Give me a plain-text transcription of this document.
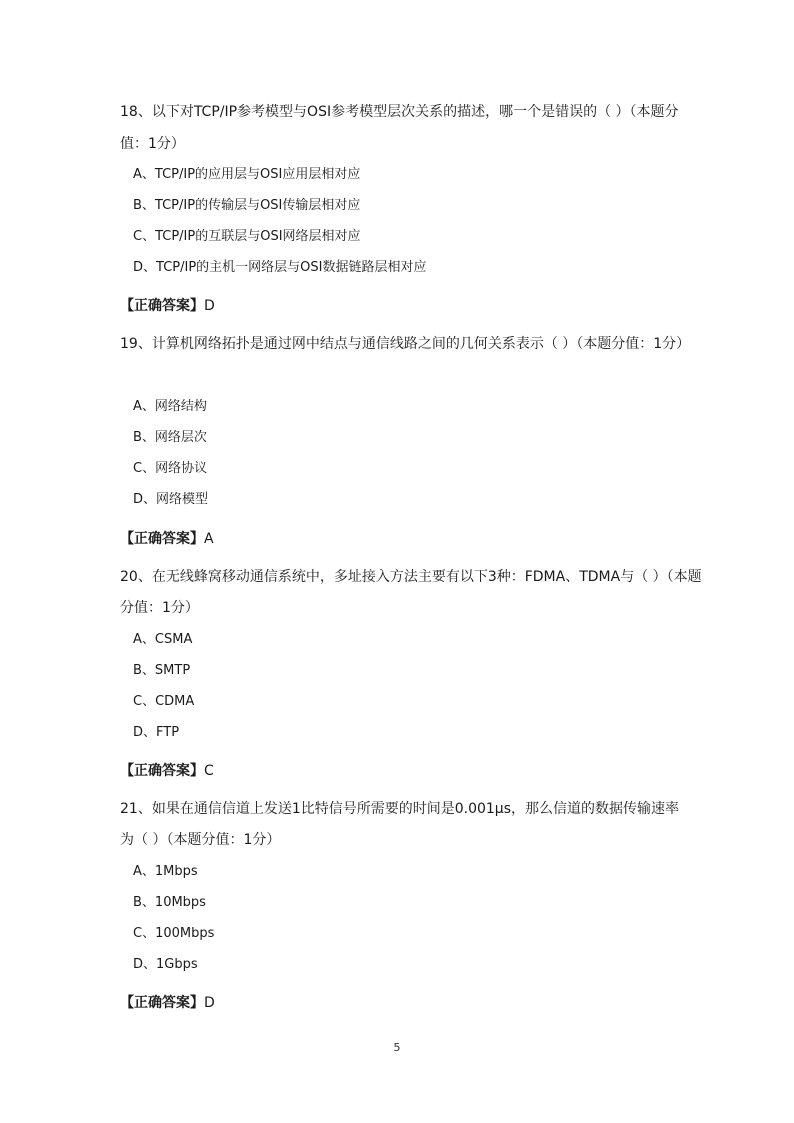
18、以下对TCP/IP参考模型与OSI参考模型层次关系的描述，哪一个是错误的（ ）（本题分
值：1分）
A、TCP/IP的应用层与OSI应用层相对应
B、TCP/IP的传输层与OSI传输层相对应
C、TCP/IP的互联层与OSI网络层相对应
D、TCP/IP的主机一网络层与OSI数据链路层相对应
【正确答案】D
19、计算机网络拓扑是通过网中结点与通信线路之间的几何关系表示（ ）（本题分值：1分）
A、网络结构
B、网络层次
C、网络协议
D、网络模型
【正确答案】A
20、在无线蜂窝移动通信系统中，多址接入方法主要有以下3种：FDMA、TDMA与（ ）（本题
分值：1分）
A、CSMA
B、SMTP
C、CDMA
D、FTP
【正确答案】C
21、如果在通信信道上发送1比特信号所需要的时间是0.001μs，那么信道的数据传输速率
为（ ）（本题分值：1分）
A、1Mbps
B、10Mbps
C、100Mbps
D、1Gbps
【正确答案】D
5
